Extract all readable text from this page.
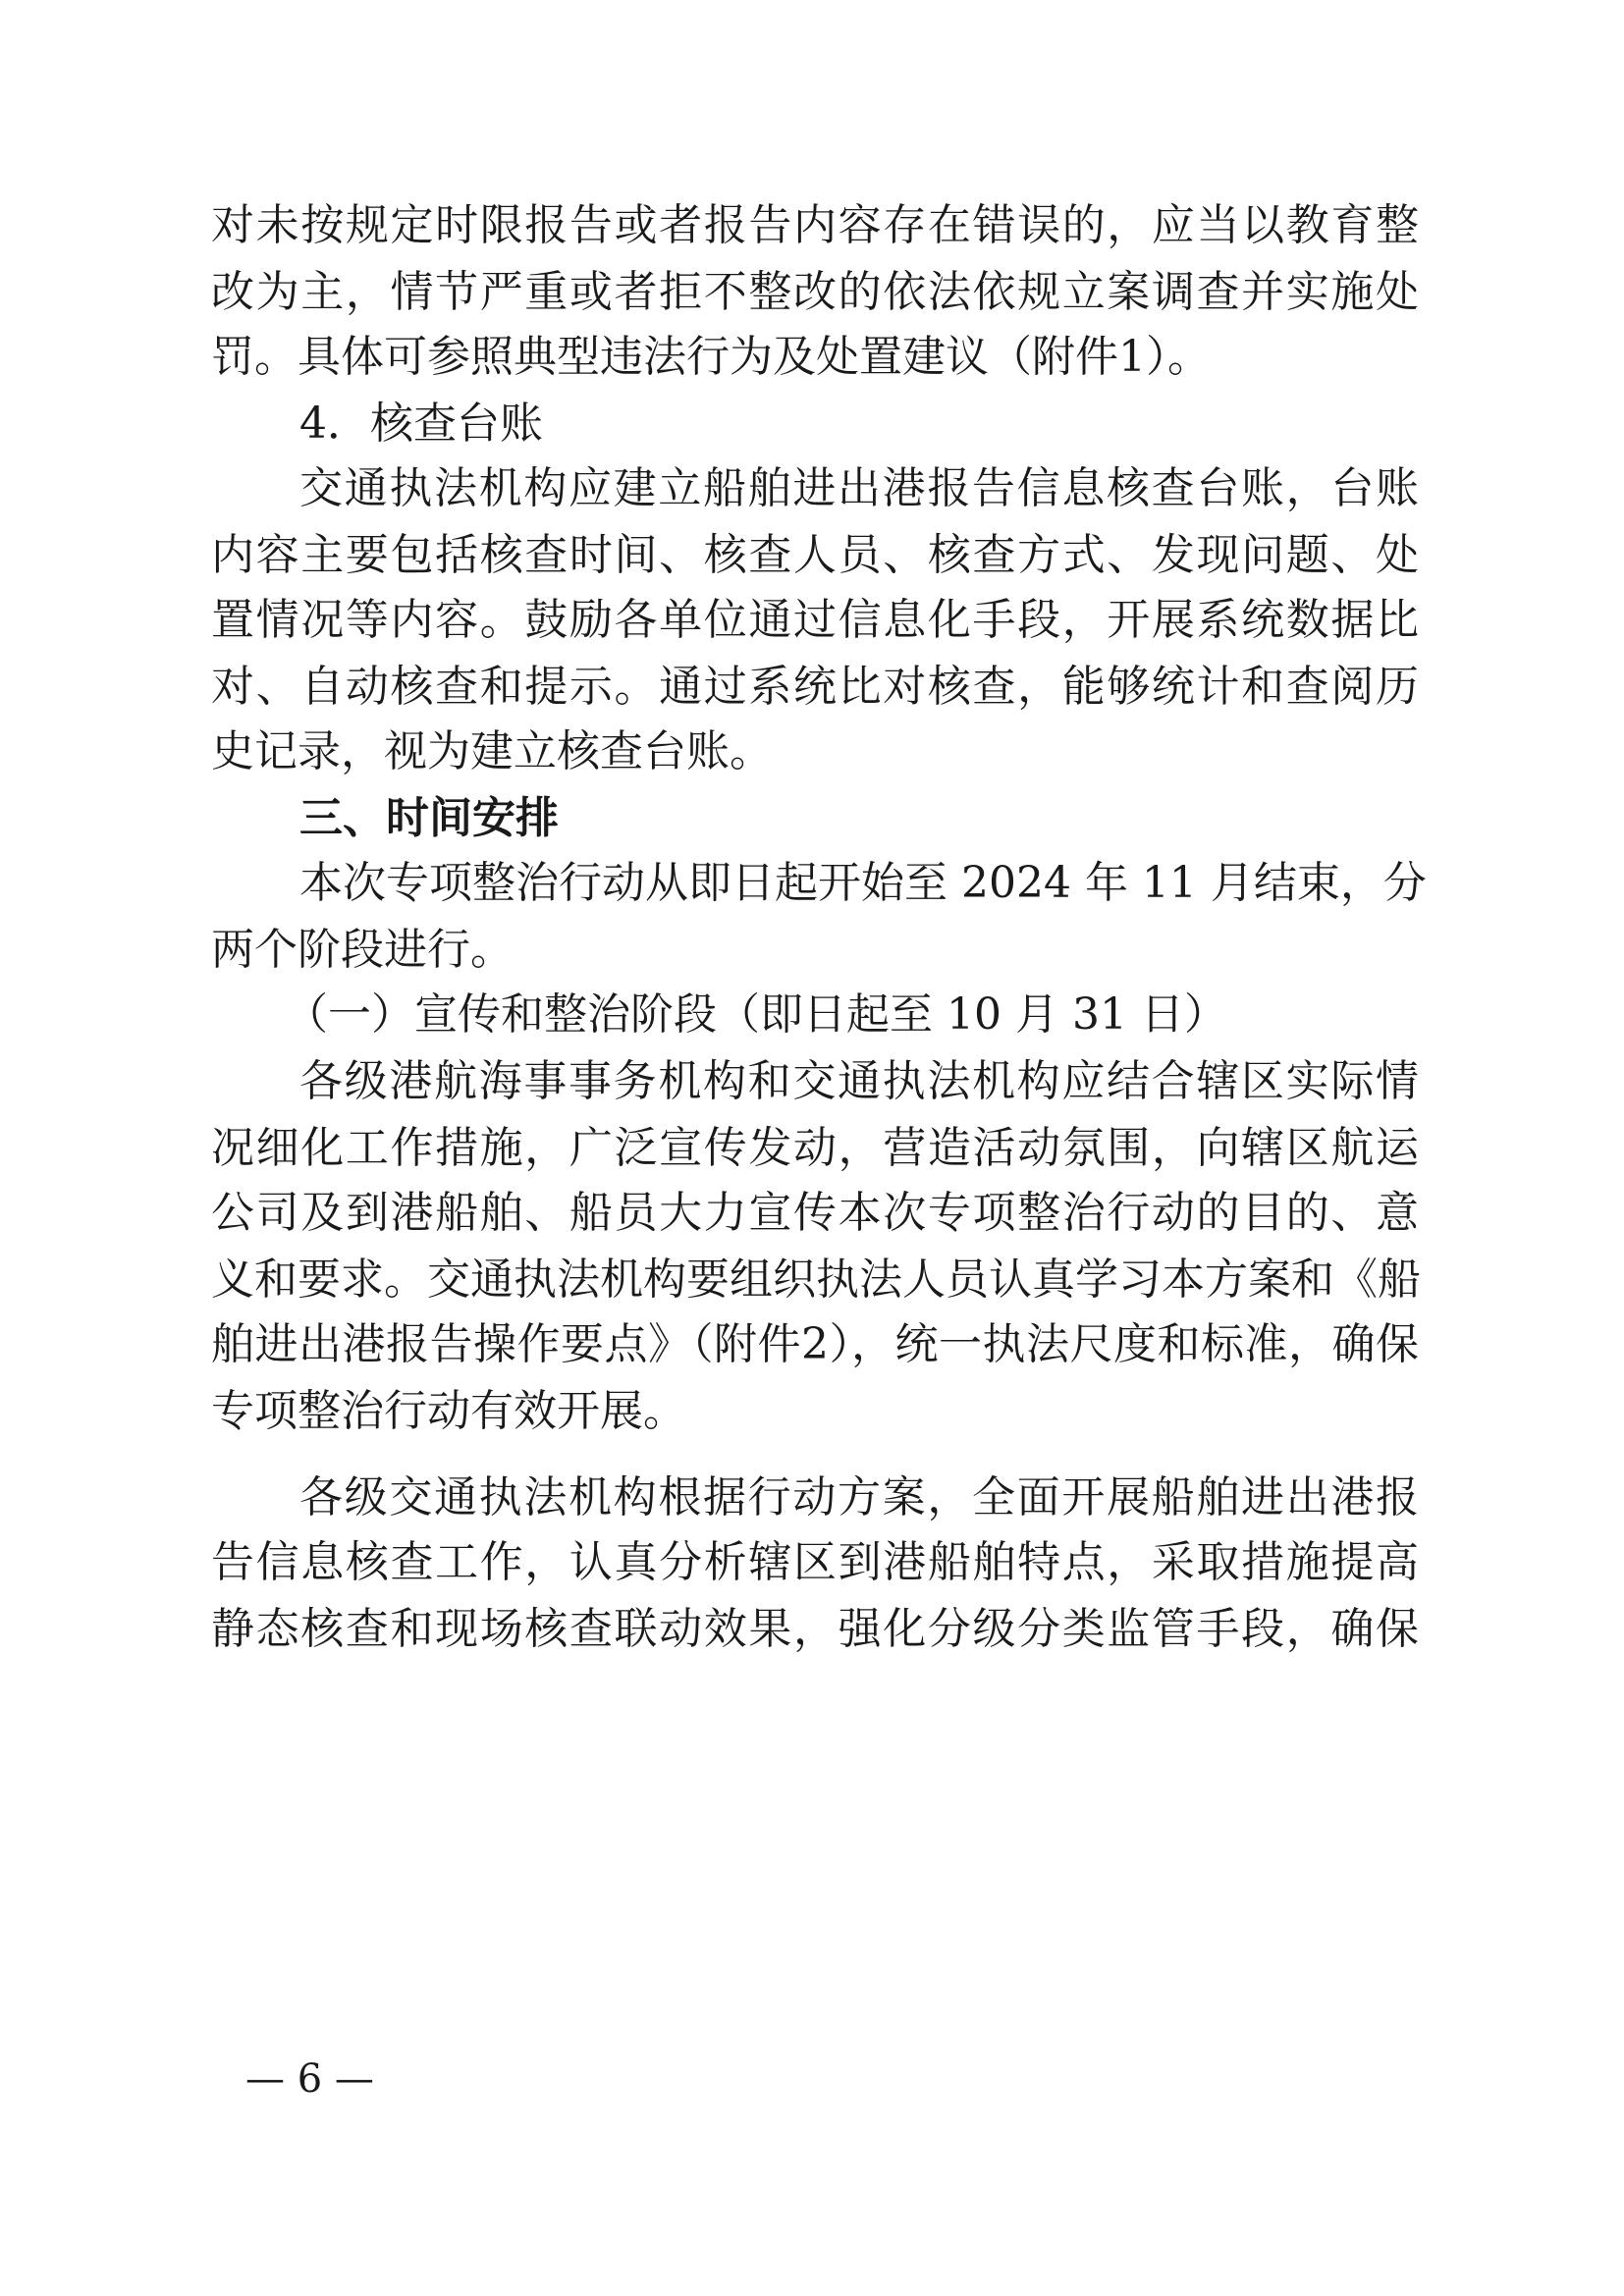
对未按规定时限报告或者报告内容存在错误的，应当以教育整
改为主，情节严重或者拒不整改的依法依规立案调查并实施处
罚。具体可参照典型违法行为及处置建议（附件1）。
4．核查台账
交通执法机构应建立船舶进出港报告信息核查台账，台账
内容主要包括核查时间、核查人员、核查方式、发现问题、处
置情况等内容。鼓励各单位通过信息化手段，开展系统数据比
对、自动核查和提示。通过系统比对核查，能够统计和查阅历
史记录，视为建立核查台账。
三、时间安排
本次专项整治行动从即日起开始至 2024 年 11 月结束，分
两个阶段进行。
（一）宣传和整治阶段（即日起至 10 月 31 日）
各级港航海事事务机构和交通执法机构应结合辖区实际情
况细化工作措施，广泛宣传发动，营造活动氛围，向辖区航运
公司及到港船舶、船员大力宣传本次专项整治行动的目的、意
义和要求。交通执法机构要组织执法人员认真学习本方案和《船
舶进出港报告操作要点》（附件2），统一执法尺度和标准，确保
专项整治行动有效开展。
各级交通执法机构根据行动方案，全面开展船舶进出港报
告信息核查工作，认真分析辖区到港船舶特点，采取措施提高
静态核查和现场核查联动效果，强化分级分类监管手段，确保
— 6 —
